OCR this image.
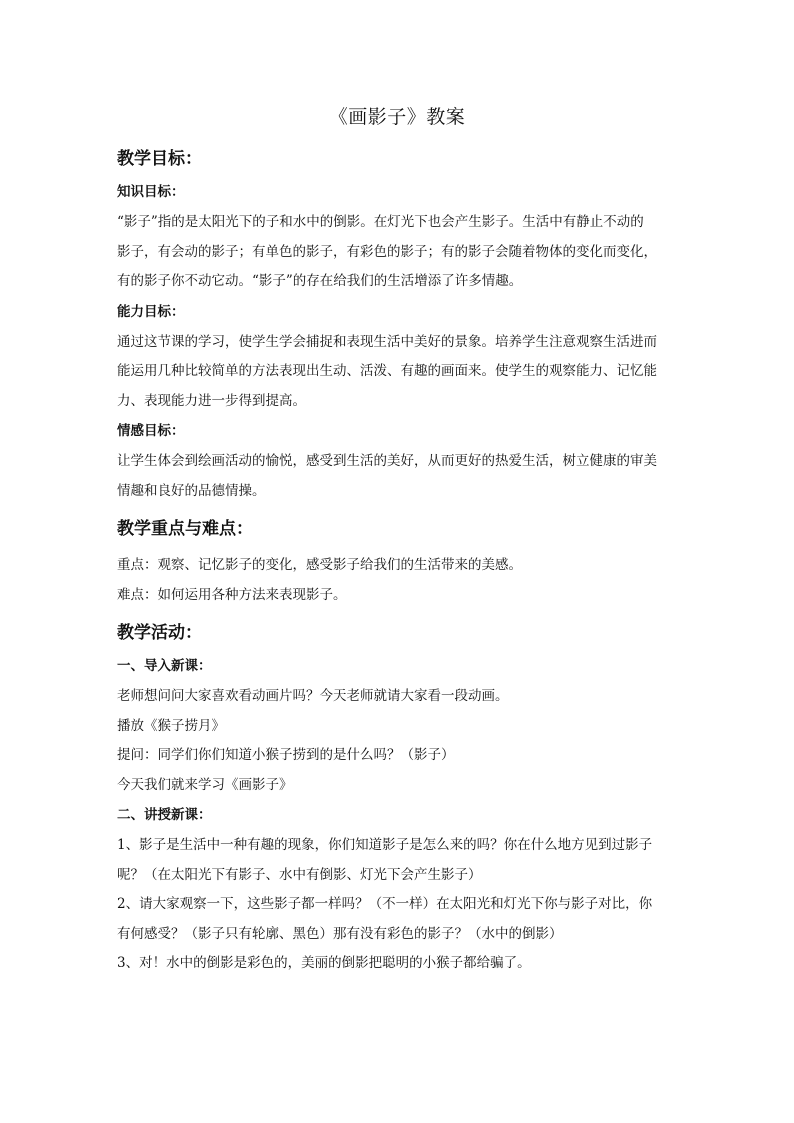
《画影子》教案
教学目标：
知识目标：
“影子”指的是太阳光下的子和水中的倒影。在灯光下也会产生影子。生活中有静止不动的
影子，有会动的影子；有单色的影子，有彩色的影子；有的影子会随着物体的变化而变化，
有的影子你不动它动。“影子”的存在给我们的生活增添了许多情趣。
能力目标：
通过这节课的学习，使学生学会捕捉和表现生活中美好的景象。培养学生注意观察生活进而
能运用几种比较简单的方法表现出生动、活泼、有趣的画面来。使学生的观察能力、记忆能
力、表现能力进一步得到提高。
情感目标：
让学生体会到绘画活动的愉悦，感受到生活的美好，从而更好的热爱生活，树立健康的审美
情趣和良好的品德情操。
教学重点与难点：
重点：观察、记忆影子的变化，感受影子给我们的生活带来的美感。
难点：如何运用各种方法来表现影子。
教学活动：
一、导入新课：
老师想问问大家喜欢看动画片吗？今天老师就请大家看一段动画。
播放《猴子捞月》
提问：同学们你们知道小猴子捞到的是什么吗？（影子）
今天我们就来学习《画影子》
二、讲授新课：
1、影子是生活中一种有趣的现象，你们知道影子是怎么来的吗？你在什么地方见到过影子
呢？（在太阳光下有影子、水中有倒影、灯光下会产生影子）
2、请大家观察一下，这些影子都一样吗？（不一样）在太阳光和灯光下你与影子对比，你
有何感受？（影子只有轮廓、黑色）那有没有彩色的影子？（水中的倒影）
3、对！水中的倒影是彩色的，美丽的倒影把聪明的小猴子都给骗了。
